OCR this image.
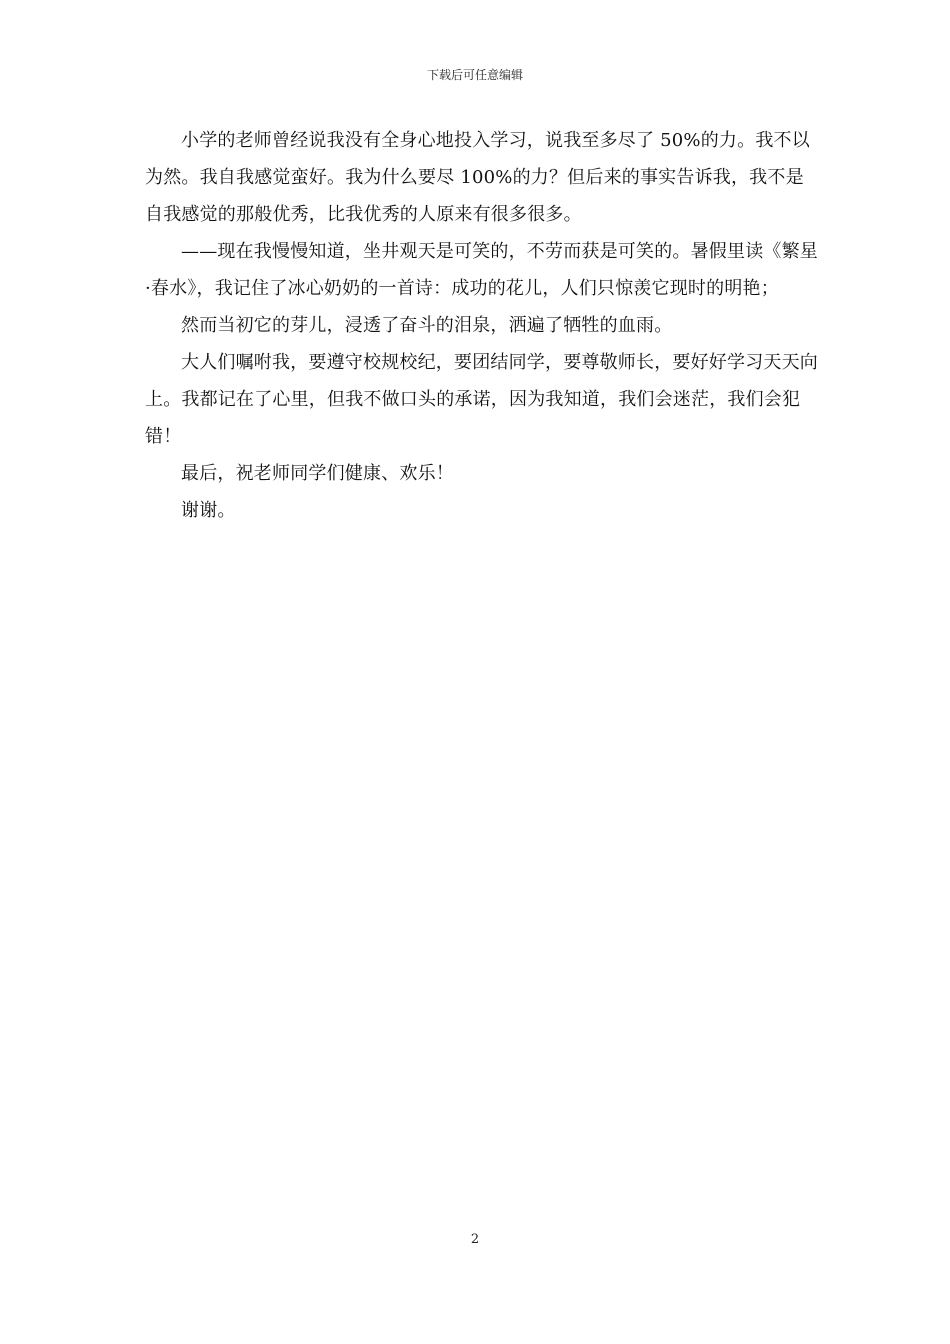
下载后可任意编辑

小学的老师曾经说我没有全身心地投入学习，说我至多尽了 50%的力。我不以为然。我自我感觉蛮好。我为什么要尽 100%的力？但后来的事实告诉我，我不是自我感觉的那般优秀，比我优秀的人原来有很多很多。

——现在我慢慢知道，坐井观天是可笑的，不劳而获是可笑的。暑假里读《繁星·春水》，我记住了冰心奶奶的一首诗：成功的花儿，人们只惊羡它现时的明艳；

然而当初它的芽儿，浸透了奋斗的泪泉，洒遍了牺牲的血雨。

大人们嘱咐我，要遵守校规校纪，要团结同学，要尊敬师长，要好好学习天天向上。我都记在了心里，但我不做口头的承诺，因为我知道，我们会迷茫，我们会犯错！

最后，祝老师同学们健康、欢乐！

谢谢。

2
